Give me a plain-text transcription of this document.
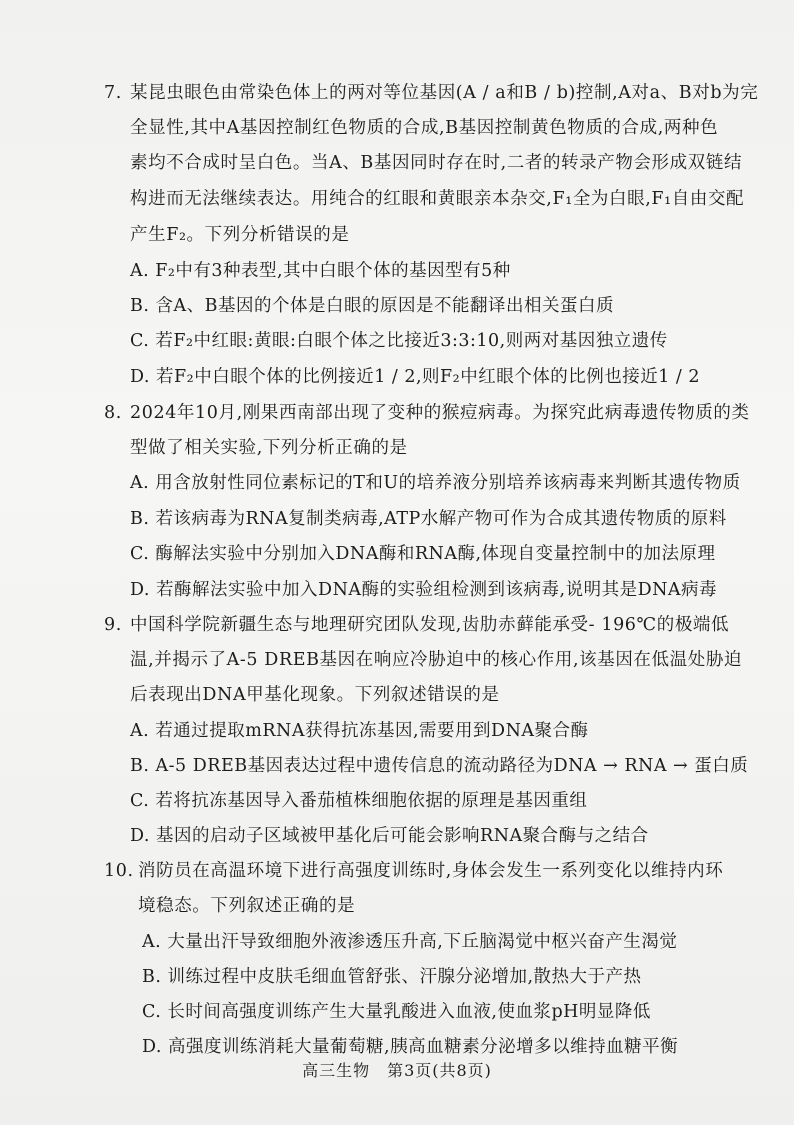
7. 某昆虫眼色由常染色体上的两对等位基因(A / a和B / b)控制,A对a、B对b为完
全显性,其中A基因控制红色物质的合成,B基因控制黄色物质的合成,两种色
素均不合成时呈白色。当A、B基因同时存在时,二者的转录产物会形成双链结
构进而无法继续表达。用纯合的红眼和黄眼亲本杂交,F₁全为白眼,F₁自由交配
产生F₂。下列分析错误的是
A. F₂中有3种表型,其中白眼个体的基因型有5种
B. 含A、B基因的个体是白眼的原因是不能翻译出相关蛋白质
C. 若F₂中红眼:黄眼:白眼个体之比接近3:3:10,则两对基因独立遗传
D. 若F₂中白眼个体的比例接近1 / 2,则F₂中红眼个体的比例也接近1 / 2
8. 2024年10月,刚果西南部出现了变种的猴痘病毒。为探究此病毒遗传物质的类
型做了相关实验,下列分析正确的是
A. 用含放射性同位素标记的T和U的培养液分别培养该病毒来判断其遗传物质
B. 若该病毒为RNA复制类病毒,ATP水解产物可作为合成其遗传物质的原料
C. 酶解法实验中分别加入DNA酶和RNA酶,体现自变量控制中的加法原理
D. 若酶解法实验中加入DNA酶的实验组检测到该病毒,说明其是DNA病毒
9. 中国科学院新疆生态与地理研究团队发现,齿肋赤藓能承受- 196℃的极端低
温,并揭示了A-5 DREB基因在响应冷胁迫中的核心作用,该基因在低温处胁迫
后表现出DNA甲基化现象。下列叙述错误的是
A. 若通过提取mRNA获得抗冻基因,需要用到DNA聚合酶
B. A-5 DREB基因表达过程中遗传信息的流动路径为DNA → RNA → 蛋白质
C. 若将抗冻基因导入番茄植株细胞依据的原理是基因重组
D. 基因的启动子区域被甲基化后可能会影响RNA聚合酶与之结合
10. 消防员在高温环境下进行高强度训练时,身体会发生一系列变化以维持内环
境稳态。下列叙述正确的是
A. 大量出汗导致细胞外液渗透压升高,下丘脑渴觉中枢兴奋产生渴觉
B. 训练过程中皮肤毛细血管舒张、汗腺分泌增加,散热大于产热
C. 长时间高强度训练产生大量乳酸进入血液,使血浆pH明显降低
D. 高强度训练消耗大量葡萄糖,胰高血糖素分泌增多以维持血糖平衡
高三生物　第3页(共8页)
